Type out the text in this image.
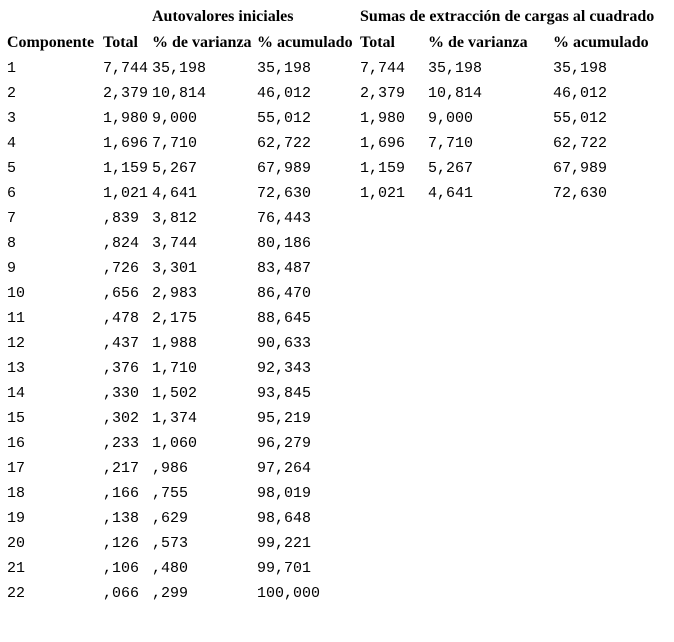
		Autovalores iniciales		Sumas de extracción de cargas al cuadrado		
Componente	Total	% de varianza	% acumulado	Total	% de varianza	% acumulado
1	7,744	35,198	35,198	7,744	35,198	35,198
2	2,379	10,814	46,012	2,379	10,814	46,012
3	1,980	9,000	55,012	1,980	9,000	55,012
4	1,696	7,710	62,722	1,696	7,710	62,722
5	1,159	5,267	67,989	1,159	5,267	67,989
6	1,021	4,641	72,630	1,021	4,641	72,630
7	,839	3,812	76,443			
8	,824	3,744	80,186			
9	,726	3,301	83,487			
10	,656	2,983	86,470			
11	,478	2,175	88,645			
12	,437	1,988	90,633			
13	,376	1,710	92,343			
14	,330	1,502	93,845			
15	,302	1,374	95,219			
16	,233	1,060	96,279			
17	,217	,986	97,264			
18	,166	,755	98,019			
19	,138	,629	98,648			
20	,126	,573	99,221			
21	,106	,480	99,701			
22	,066	,299	100,000			
